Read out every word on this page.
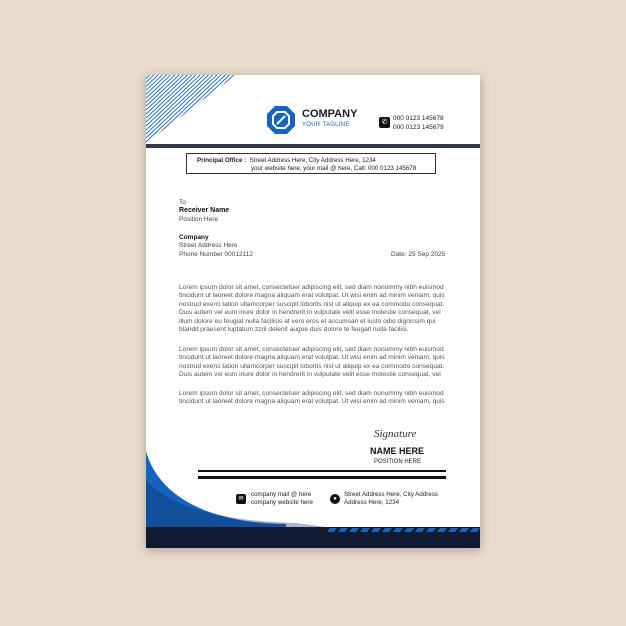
COMPANY
YOUR TAGLINE	✆
000 0123 145678
000 0123 145679
Principal Office : Street Address Here, City Address Here, 1234
your website here, your mail @ here, Call: 000 0123 145678
To
Receiver Name
Position Here
Company
Street Address Here
Phone Number 00012112	Date: 25 Sep 2025
Lorem ipsum dolor sit amet, consectetuer adipiscing elit, sed diam nonummy nibh euismod
tincidunt ut laoreet dolore magna aliquam erat volutpat. Ut wisi enim ad minim veniam, quis
nostrud exerci tation ullamcorper suscipit lobortis nisl ut aliquip ex ea commodo consequat.
Duis autem vel eum iriure dolor in hendrerit in vulputate velit esse molestie consequat, vel
illum dolore eu feugiat nulla facilisis at vero eros et accumsan et iusto odio dignissim qui
blandit praesent luptatum zzril delenit augue duis dolore te feugait nulla facilisi.
Lorem ipsum dolor sit amet, consectetuer adipiscing elit, sed diam nonummy nibh euismod
tincidunt ut laoreet dolore magna aliquam erat volutpat. Ut wisi enim ad minim veniam, quis
nostrud exerci tation ullamcorper suscipit lobortis nisl ut aliquip ex ea commodo consequat.
Duis autem vel eum iriure dolor in hendrerit in vulputate velit esse molestie consequat, vel
Lorem ipsum dolor sit amet, consectetuer adipiscing elit, sed diam nonummy nibh euismod
tincidunt ut laoreet dolore magna aliquam erat volutpat. Ut wisi enim ad minim veniam, quis
Signature
NAME HERE
POSITION HERE
✉
company mail @ here
company website here	●
Street Address Here, City Address
Address Here, 1234
